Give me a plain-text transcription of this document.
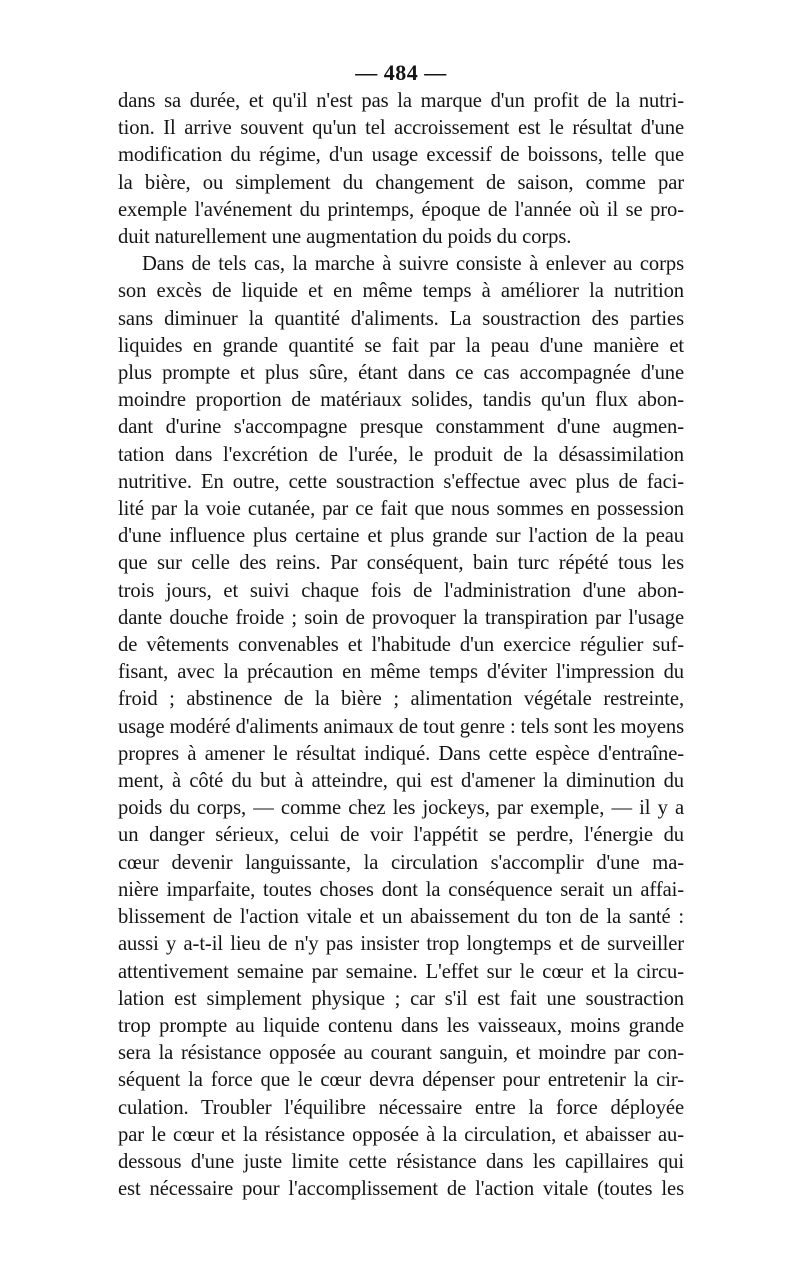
— 484 —
dans sa durée, et qu'il n'est pas la marque d'un profit de la nutri-
tion. Il arrive souvent qu'un tel accroissement est le résultat d'une
modification du régime, d'un usage excessif de boissons, telle que
la bière, ou simplement du changement de saison, comme par
exemple l'avénement du printemps, époque de l'année où il se pro-
duit naturellement une augmentation du poids du corps.
Dans de tels cas, la marche à suivre consiste à enlever au corps
son excès de liquide et en même temps à améliorer la nutrition
sans diminuer la quantité d'aliments. La soustraction des parties
liquides en grande quantité se fait par la peau d'une manière et
plus prompte et plus sûre, étant dans ce cas accompagnée d'une
moindre proportion de matériaux solides, tandis qu'un flux abon-
dant d'urine s'accompagne presque constamment d'une augmen-
tation dans l'excrétion de l'urée, le produit de la désassimilation
nutritive. En outre, cette soustraction s'effectue avec plus de faci-
lité par la voie cutanée, par ce fait que nous sommes en possession
d'une influence plus certaine et plus grande sur l'action de la peau
que sur celle des reins. Par conséquent, bain turc répété tous les
trois jours, et suivi chaque fois de l'administration d'une abon-
dante douche froide ; soin de provoquer la transpiration par l'usage
de vêtements convenables et l'habitude d'un exercice régulier suf-
fisant, avec la précaution en même temps d'éviter l'impression du
froid ; abstinence de la bière ; alimentation végétale restreinte,
usage modéré d'aliments animaux de tout genre : tels sont les moyens
propres à amener le résultat indiqué. Dans cette espèce d'entraîne-
ment, à côté du but à atteindre, qui est d'amener la diminution du
poids du corps, — comme chez les jockeys, par exemple, — il y a
un danger sérieux, celui de voir l'appétit se perdre, l'énergie du
cœur devenir languissante, la circulation s'accomplir d'une ma-
nière imparfaite, toutes choses dont la conséquence serait un affai-
blissement de l'action vitale et un abaissement du ton de la santé :
aussi y a-t-il lieu de n'y pas insister trop longtemps et de surveiller
attentivement semaine par semaine. L'effet sur le cœur et la circu-
lation est simplement physique ; car s'il est fait une soustraction
trop prompte au liquide contenu dans les vaisseaux, moins grande
sera la résistance opposée au courant sanguin, et moindre par con-
séquent la force que le cœur devra dépenser pour entretenir la cir-
culation. Troubler l'équilibre nécessaire entre la force déployée
par le cœur et la résistance opposée à la circulation, et abaisser au-
dessous d'une juste limite cette résistance dans les capillaires qui
est nécessaire pour l'accomplissement de l'action vitale (toutes les
